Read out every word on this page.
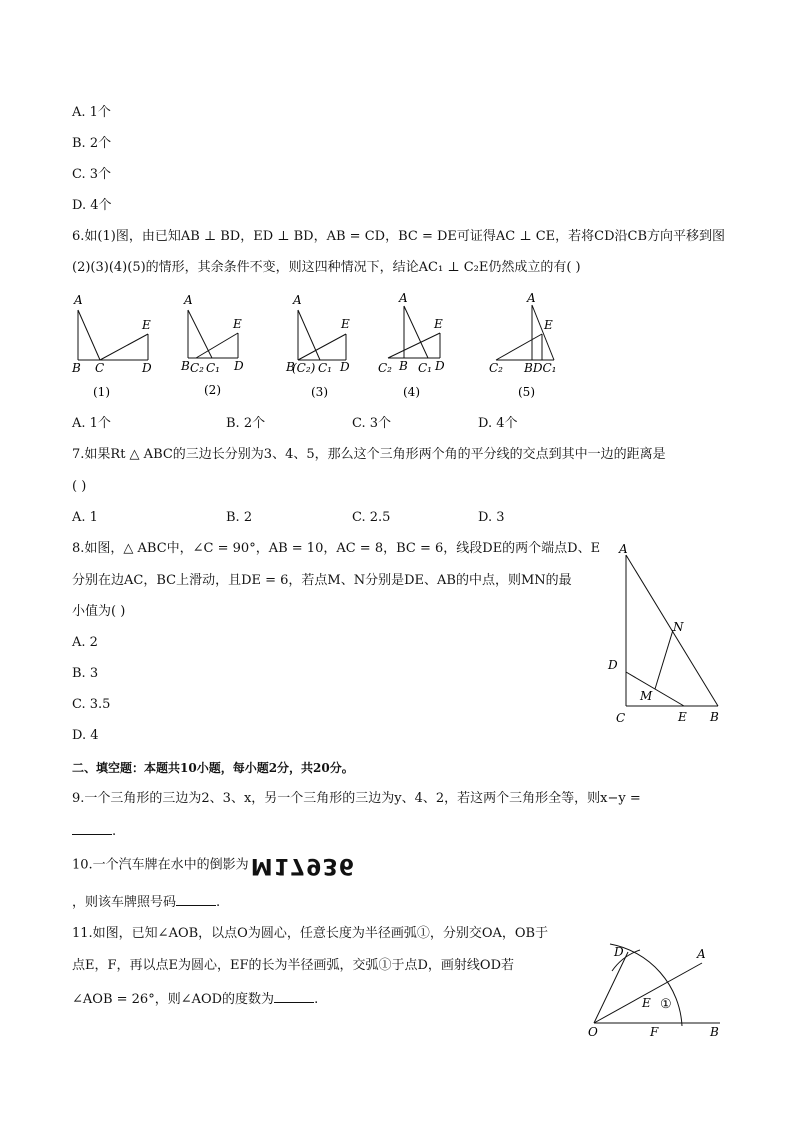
A. 1个
B. 2个
C. 3个
D. 4个
6.如(1)图，由已知AB ⊥ BD，ED ⊥ BD，AB = CD，BC = DE可证得AC ⊥ CE，若将CD沿CB方向平移到图
(2)(3)(4)(5)的情形，其余条件不变，则这四种情况下，结论AC₁ ⊥ C₂E仍然成立的有( )
A
B C	D
E
(1)
A
B C₂ C₁ D
E
(2)
A
B
(C₂) C₁ D
E
(3)
A
C₂ B C₁ D
E
(4)
A
C₂ BDC₁
E
(5)
A. 1个	B. 2个	C. 3个	D. 4个
7.如果Rt △ ABC的三边长分别为3、4、5，那么这个三角形两个角的平分线的交点到其中一边的距离是
( )
A. 1	B. 2	C. 2.5	D. 3
8.如图，△ ABC中，∠C = 90°，AB = 10，AC = 8，BC = 6，线段DE的两个端点D、E
分别在边AC，BC上滑动，且DE = 6，若点M、N分别是DE、AB的中点，则MN的最
小值为( )
A. 2
B. 3
C. 3.5
D. 4
A
D
N
M
C	E B
二、填空题：本题共10小题，每小题2分，共20分。
9.一个三角形的三边为2、3、x，另一个三角形的三边为y、4、2，若这两个三角形全等，则x−y =
.
10.一个汽车牌在水中的倒影为M17936
，则该车牌照号码	.
11.如图，已知∠AOB，以点O为圆心，任意长度为半径画弧①，分别交OA，OB于
点E，F，再以点E为圆心，EF的长为半径画弧，交弧①于点D，画射线OD若
∠AOB = 26°，则∠AOD的度数为	.
D	A
E ①
O	F	B
